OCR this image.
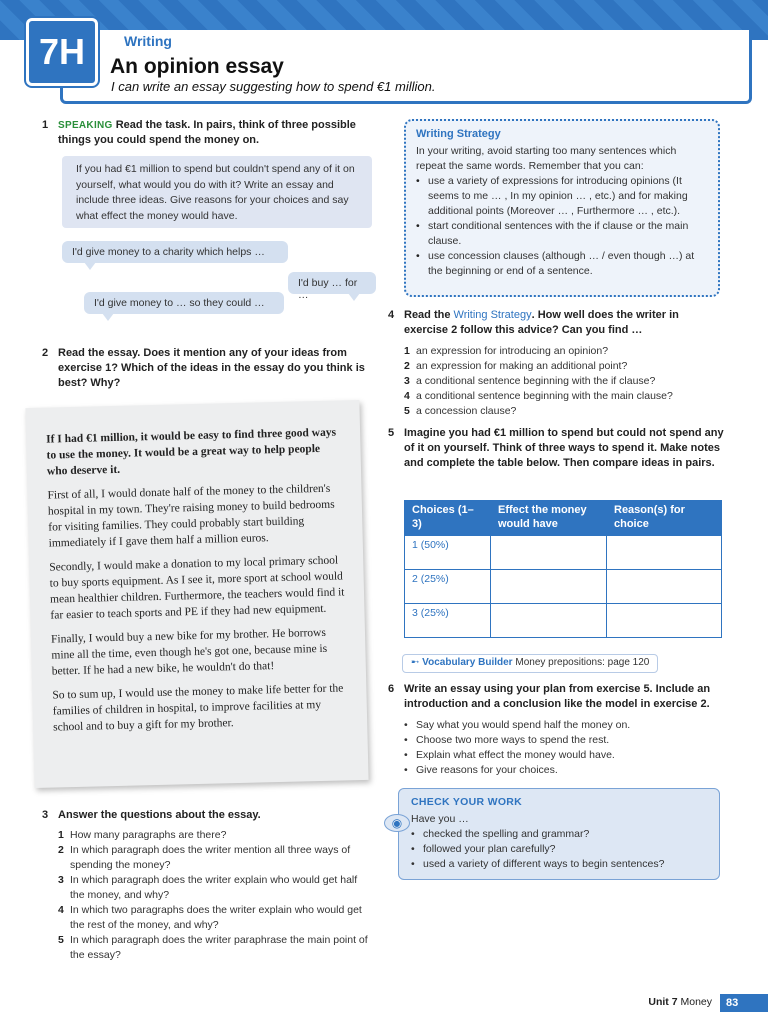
7H	Writing
An opinion essay
I can write an essay suggesting how to spend €1 million.
1 SPEAKING Read the task. In pairs, think of three possible things you could spend the money on.
If you had €1 million to spend but couldn't spend any of it on yourself, what would you do with it? Write an essay and include three ideas. Give reasons for your choices and say what effect the money would have.
I'd give money to a charity which helps …
I'd buy … for …
I'd give money to … so they could …
2 Read the essay. Does it mention any of your ideas from exercise 1? Which of the ideas in the essay do you think is best? Why?

If I had €1 million, it would be easy to find three good ways to use the money. It would be a great way to help people who deserve it.

First of all, I would donate half of the money to the children's hospital in my town. They're raising money to build bedrooms for visiting families. They could probably start building immediately if I gave them half a million euros.

Secondly, I would make a donation to my local primary school to buy sports equipment. As I see it, more sport at school would mean healthier children. Furthermore, the teachers would find it far easier to teach sports and PE if they had new equipment.

Finally, I would buy a new bike for my brother. He borrows mine all the time, even though he's got one, because mine is better. If he had a new bike, he wouldn't do that!

So to sum up, I would use the money to make life better for the families of children in hospital, to improve facilities at my school and to buy a gift for my brother.

3 Answer the questions about the essay.
1 How many paragraphs are there?
2 In which paragraph does the writer mention all three ways of spending the money?
3 In which paragraph does the writer explain who would get half the money, and why?
4 In which two paragraphs does the writer explain who would get the rest of the money, and why?
5 In which paragraph does the writer paraphrase the main point of the essay?
Writing Strategy
In your writing, avoid starting too many sentences which repeat the same words. Remember that you can:
• use a variety of expressions for introducing opinions (It seems to me … , In my opinion … , etc.) and for making additional points (Moreover … , Furthermore … , etc.).
• start conditional sentences with the if clause or the main clause.
• use concession clauses (although … / even though …) at the beginning or end of a sentence.
4 Read the Writing Strategy. How well does the writer in exercise 2 follow this advice? Can you find …
1 an expression for introducing an opinion?
2 an expression for making an additional point?
3 a conditional sentence beginning with the if clause?
4 a conditional sentence beginning with the main clause?
5 a concession clause?
5 Imagine you had €1 million to spend but could not spend any of it on yourself. Think of three ways to spend it. Make notes and complete the table below. Then compare ideas in pairs.
Choices (1–3)	Effect the money would have	Reason(s) for choice
1 (50%)		
2 (25%)		
3 (25%)		
➸ Vocabulary Builder Money prepositions: page 120
6 Write an essay using your plan from exercise 5. Include an introduction and a conclusion like the model in exercise 2.
• Say what you would spend half the money on.
• Choose two more ways to spend the rest.
• Explain what effect the money would have.
• Give reasons for your choices.
CHECK YOUR WORK
Have you …
• checked the spelling and grammar?
• followed your plan carefully?
• used a variety of different ways to begin sentences?
◉
Unit 7 Money	83
